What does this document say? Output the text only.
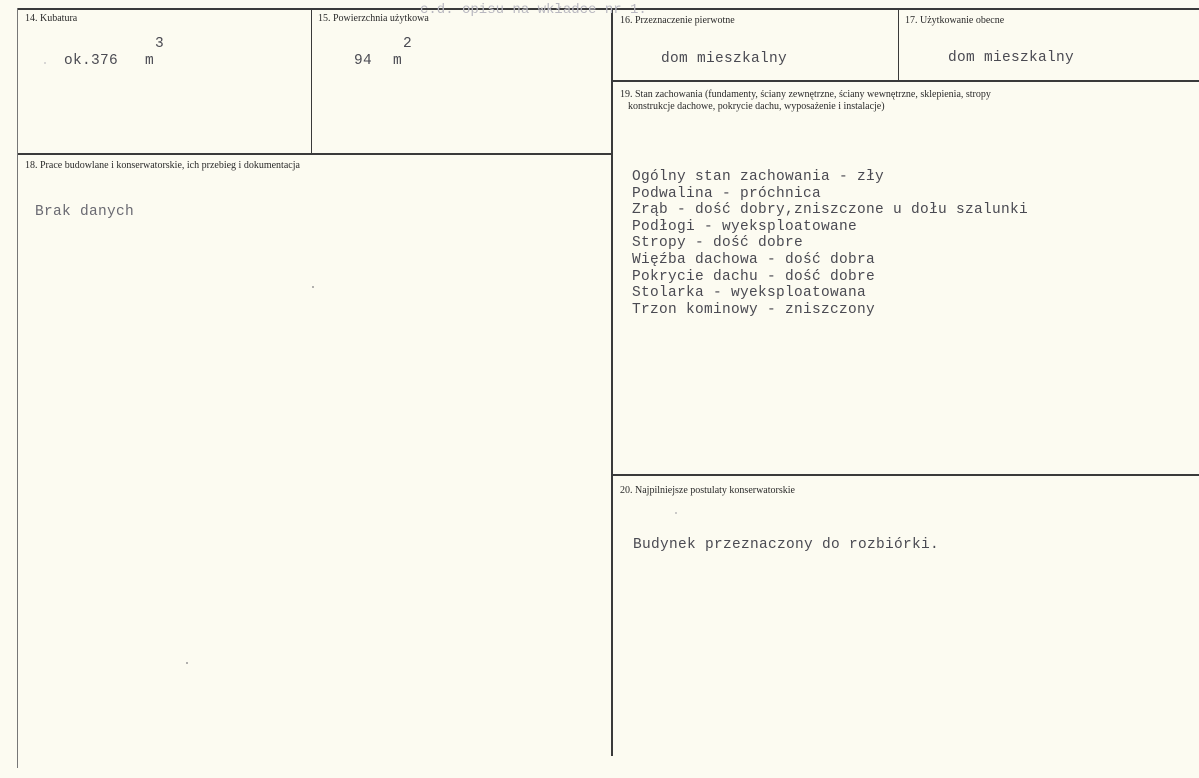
c.d. opisu na wkładce nr 1.
14. Kubatura
3
ok.376 m
15. Powierzchnia użytkowa
2
94 m
16. Przeznaczenie pierwotne
dom mieszkalny
17. Użytkowanie obecne
dom mieszkalny
18. Prace budowlane i konserwatorskie, ich przebieg i dokumentacja
Brak danych
19. Stan zachowania (fundamenty, ściany zewnętrzne, ściany wewnętrzne, sklepienia, stropy
konstrukcje dachowe, pokrycie dachu, wyposażenie i instalacje)
Ogólny stan zachowania - zły
Podwalina - próchnica
Zrąb - dość dobry,zniszczone u dołu szalunki
Podłogi - wyeksploatowane
Stropy - dość dobre
Więźba dachowa - dość dobra
Pokrycie dachu - dość dobre
Stolarka - wyeksploatowana
Trzon kominowy - zniszczony
20. Najpilniejsze postulaty konserwatorskie
Budynek przeznaczony do rozbiórki.
